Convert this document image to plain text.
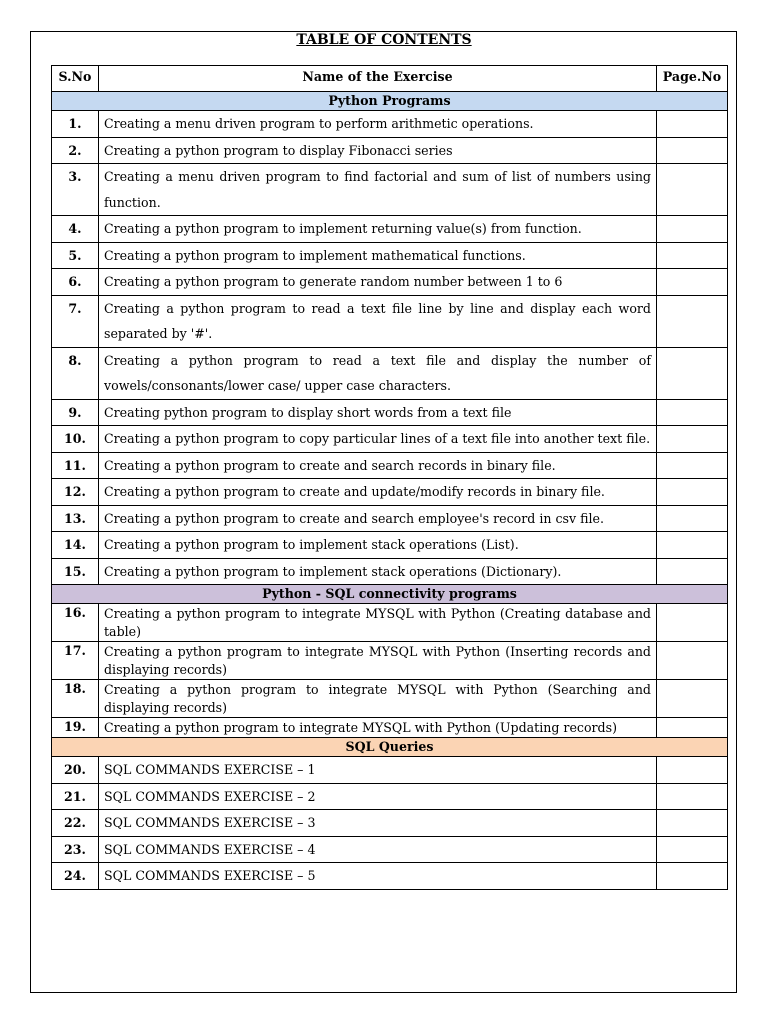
TABLE OF CONTENTS
S.No	Name of the Exercise	Page.No
Python Programs		
1.	Creating a menu driven program to perform arithmetic operations.	
2.	Creating a python program to display Fibonacci series	
3.	Creating a menu driven program to find factorial and sum of list of numbers using function.	
4.	Creating a python program to implement returning value(s) from function.	
5.	Creating a python program to implement mathematical functions.	
6.	Creating a python program to generate random number between 1 to 6	
7.	Creating a python program to read a text file line by line and display each word separated by '#'.	
8.	Creating a python program to read a text file and display the number of vowels/consonants/lower case/ upper case characters.	
9.	Creating python program to display short words from a text file	
10.	Creating a python program to copy particular lines of a text file into another text file.	
11.	Creating a python program to create and search records in binary file.	
12.	Creating a python program to create and update/modify records in binary file.	
13.	Creating a python program to create and search employee's record in csv file.	
14.	Creating a python program to implement stack operations (List).	
15.	Creating a python program to implement stack operations (Dictionary).	
Python - SQL connectivity programs		
16.	Creating a python program to integrate MYSQL with Python (Creating database and table)	
17.	Creating a python program to integrate MYSQL with Python (Inserting records and displaying records)	
18.	Creating a python program to integrate MYSQL with Python (Searching and displaying records)	
19.	Creating a python program to integrate MYSQL with Python (Updating records)	
SQL Queries		
20.	SQL COMMANDS EXERCISE – 1	
21.	SQL COMMANDS EXERCISE – 2	
22.	SQL COMMANDS EXERCISE – 3	
23.	SQL COMMANDS EXERCISE – 4	
24.	SQL COMMANDS EXERCISE – 5	
